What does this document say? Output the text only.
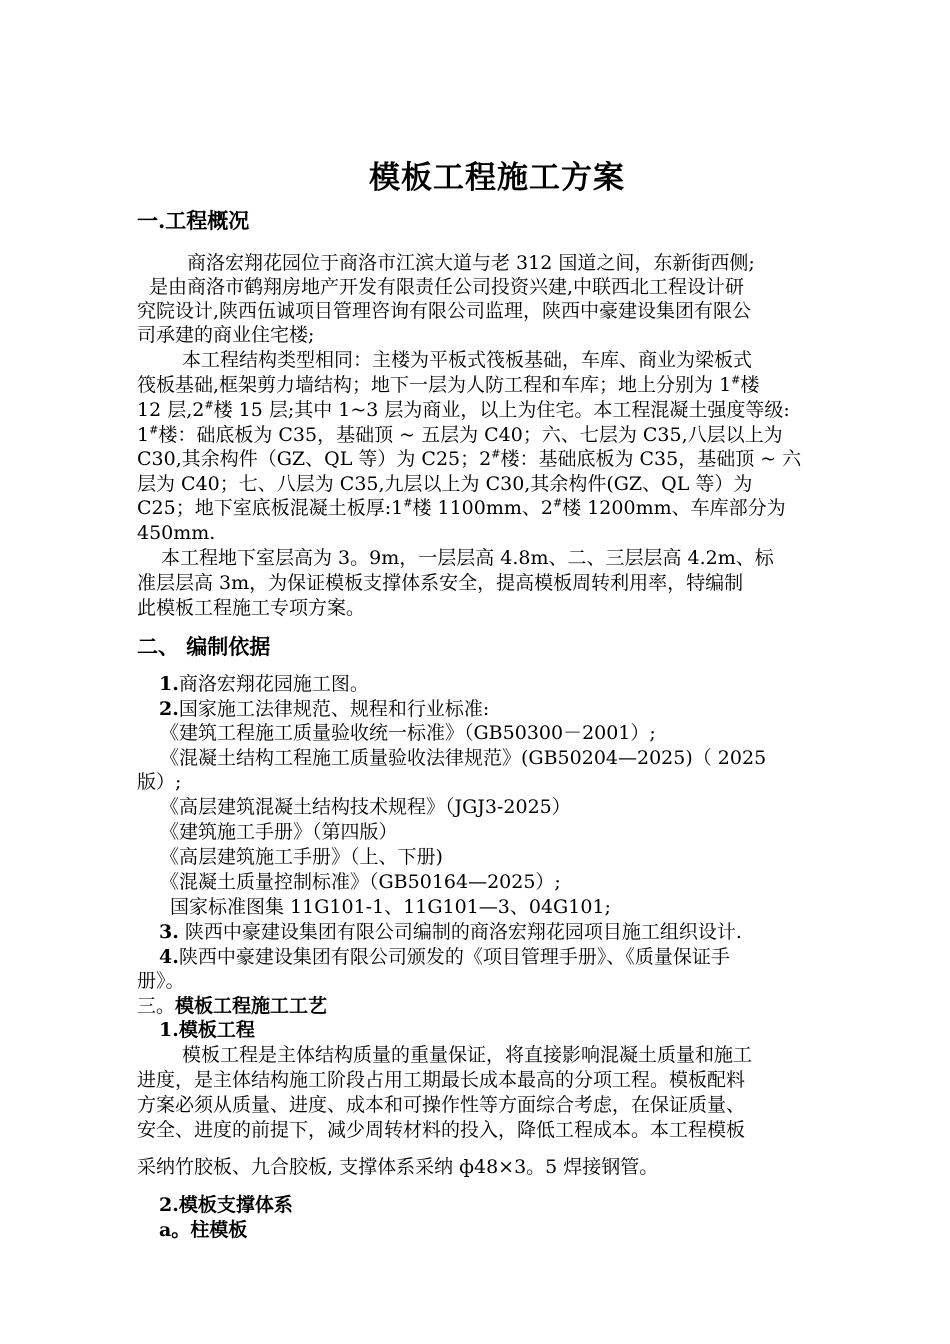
模板工程施工方案
一.工程概况
商洛宏翔花园位于商洛市江滨大道与老 312 国道之间，东新街西侧;
是由商洛市鹤翔房地产开发有限责任公司投资兴建,中联西北工程设计研
究院设计,陕西伍诚项目管理咨询有限公司监理，陕西中豪建设集团有限公
司承建的商业住宅楼;
本工程结构类型相同：主楼为平板式筏板基础，车库、商业为梁板式
筏板基础,框架剪力墙结构；地下一层为人防工程和车库；地上分别为 1#楼
12 层,2#楼 15 层;其中 1~3 层为商业，以上为住宅。本工程混凝土强度等级:
1#楼：础底板为 C35，基础顶 ~ 五层为 C40；六、七层为 C35,八层以上为
C30,其余构件（GZ、QL 等）为 C25；2#楼：基础底板为 C35，基础顶 ~ 六
层为 C40；七、八层为 C35,九层以上为 C30,其余构件(GZ、QL 等）为
C25；地下室底板混凝土板厚:1#楼 1100mm、2#楼 1200mm、车库部分为
450mm.
本工程地下室层高为 3。9m，一层层高 4.8m、二、三层层高 4.2m、标
准层层高 3m，为保证模板支撑体系安全，提高模板周转利用率，特编制
此模板工程施工专项方案。
二、 编制依据
1.商洛宏翔花园施工图。
2.国家施工法律规范、规程和行业标准:
《建筑工程施工质量验收统一标准》（GB50300－2001）;
《混凝土结构工程施工质量验收法律规范》(GB50204—2025)（ 2025
版）;
《高层建筑混凝土结构技术规程》（JGJ3-2025）
《建筑施工手册》（第四版）
《高层建筑施工手册》（上、下册)
《混凝土质量控制标准》（GB50164—2025）;
国家标准图集 11G101-1、11G101—3、04G101;
3. 陕西中豪建设集团有限公司编制的商洛宏翔花园项目施工组织设计.
4.陕西中豪建设集团有限公司颁发的《项目管理手册》、《质量保证手
册》。
三。模板工程施工工艺
1.模板工程
模板工程是主体结构质量的重量保证，将直接影响混凝土质量和施工
进度，是主体结构施工阶段占用工期最长成本最高的分项工程。模板配料
方案必须从质量、进度、成本和可操作性等方面综合考虑，在保证质量、
安全、进度的前提下，减少周转材料的投入，降低工程成本。本工程模板
采纳竹胶板、九合胶板, 支撑体系采纳 ф48×3。5 焊接钢管。
2.模板支撑体系
a。柱模板
